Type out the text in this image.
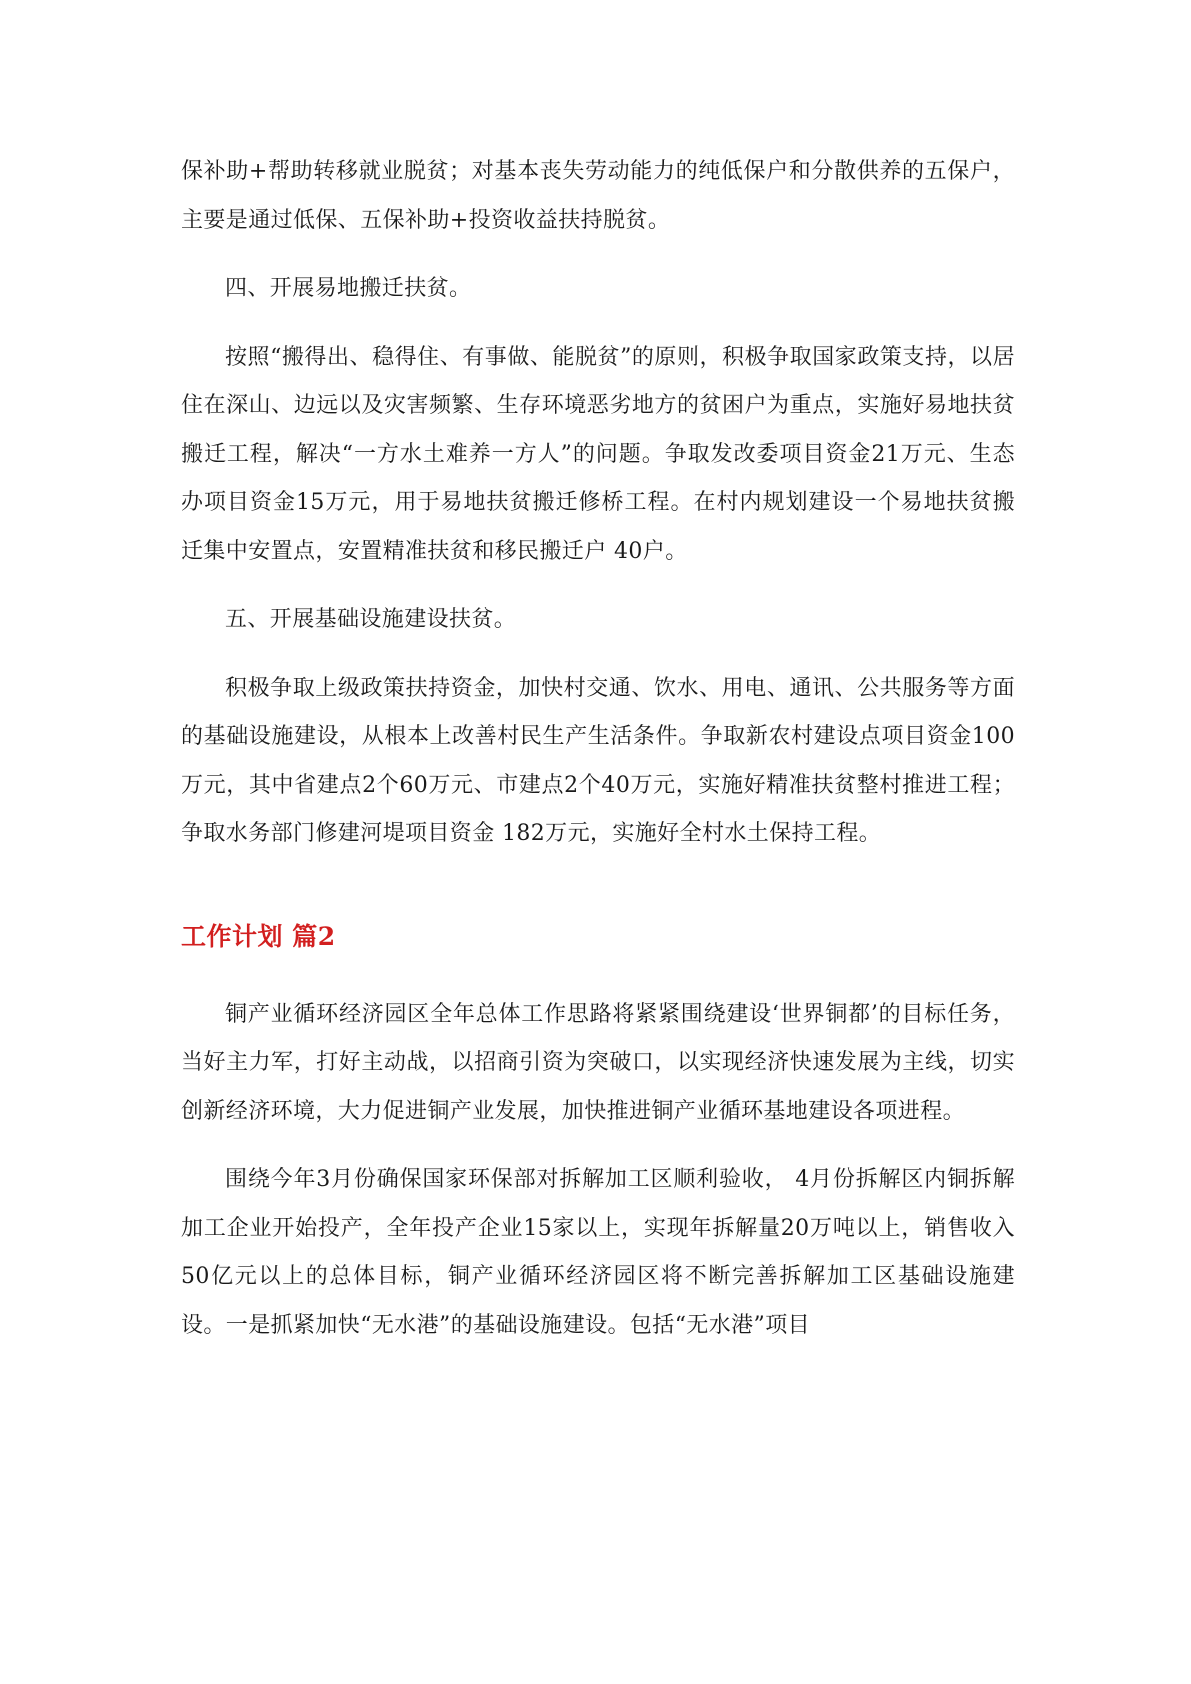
保补助+帮助转移就业脱贫；对基本丧失劳动能力的纯低保户和分散供养的五保户，主要是通过低保、五保补助+投资收益扶持脱贫。

四、开展易地搬迁扶贫。

按照“搬得出、稳得住、有事做、能脱贫”的原则，积极争取国家政策支持，以居住在深山、边远以及灾害频繁、生存环境恶劣地方的贫困户为重点，实施好易地扶贫搬迁工程，解决“一方水土难养一方人”的问题。争取发改委项目资金21万元、生态办项目资金15万元，用于易地扶贫搬迁修桥工程。在村内规划建设一个易地扶贫搬迁集中安置点，安置精准扶贫和移民搬迁户 40户。

五、开展基础设施建设扶贫。

积极争取上级政策扶持资金，加快村交通、饮水、用电、通讯、公共服务等方面的基础设施建设，从根本上改善村民生产生活条件。争取新农村建设点项目资金100万元，其中省建点2个60万元、市建点2个40万元，实施好精准扶贫整村推进工程；争取水务部门修建河堤项目资金 182万元，实施好全村水土保持工程。

工作计划 篇2

铜产业循环经济园区全年总体工作思路将紧紧围绕建设‘世界铜都’的目标任务，当好主力军，打好主动战，以招商引资为突破口，以实现经济快速发展为主线，切实创新经济环境，大力促进铜产业发展，加快推进铜产业循环基地建设各项进程。

围绕今年3月份确保国家环保部对拆解加工区顺利验收， 4月份拆解区内铜拆解加工企业开始投产，全年投产企业15家以上，实现年拆解量20万吨以上，销售收入50亿元以上的总体目标，铜产业循环经济园区将不断完善拆解加工区基础设施建设。一是抓紧加快“无水港”的基础设施建设。包括“无水港”项目
